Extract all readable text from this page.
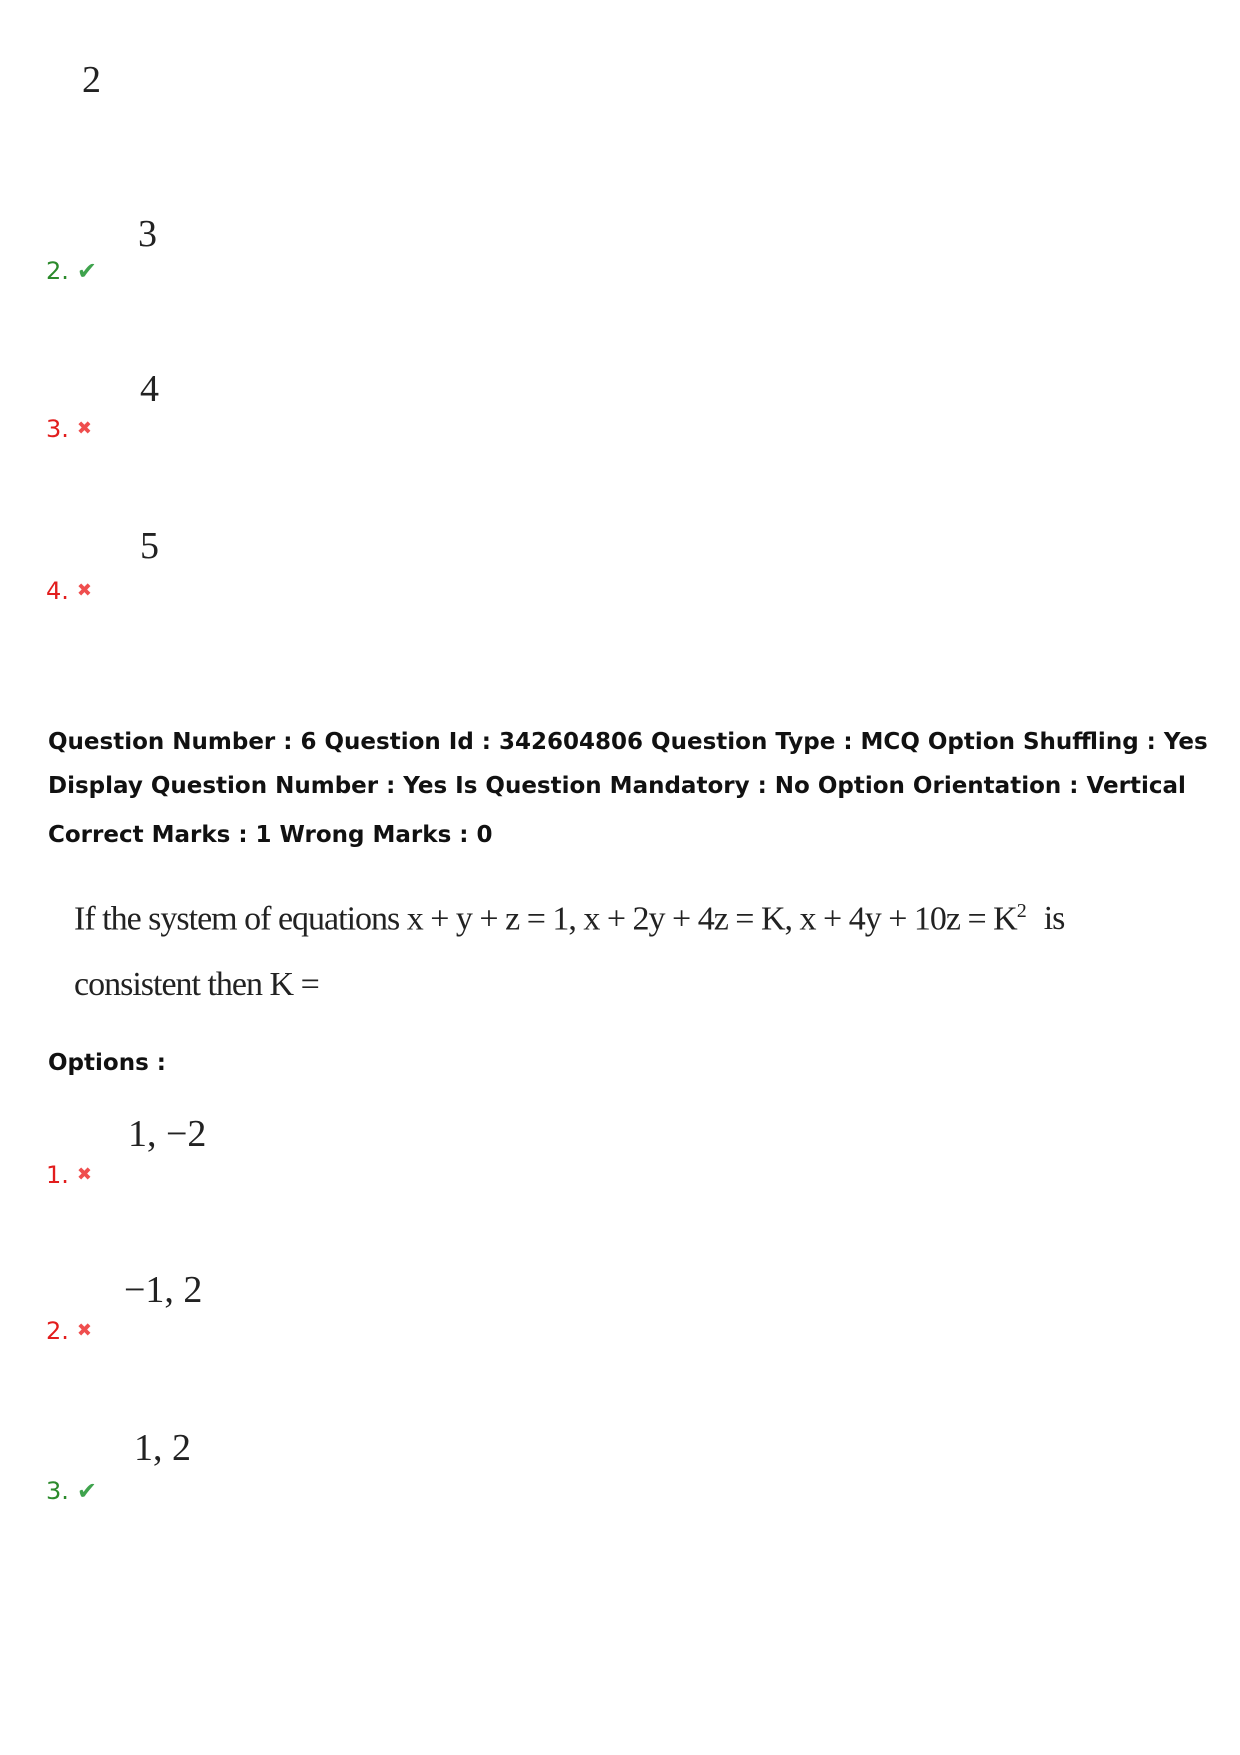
2
3
2. ✔
4
3. ✖
5
4. ✖
Question Number : 6 Question Id : 342604806 Question Type : MCQ Option Shuffling : Yes
Display Question Number : Yes Is Question Mandatory : No Option Orientation : Vertical
Correct Marks : 1 Wrong Marks : 0
If the system of equations x + y + z = 1, x + 2y + 4z = K, $x + 4y + 10z = K^2$ is
consistent then K =
Options :
1, −2
1. ✖
−1, 2
2. ✖
1, 2
3. ✔
